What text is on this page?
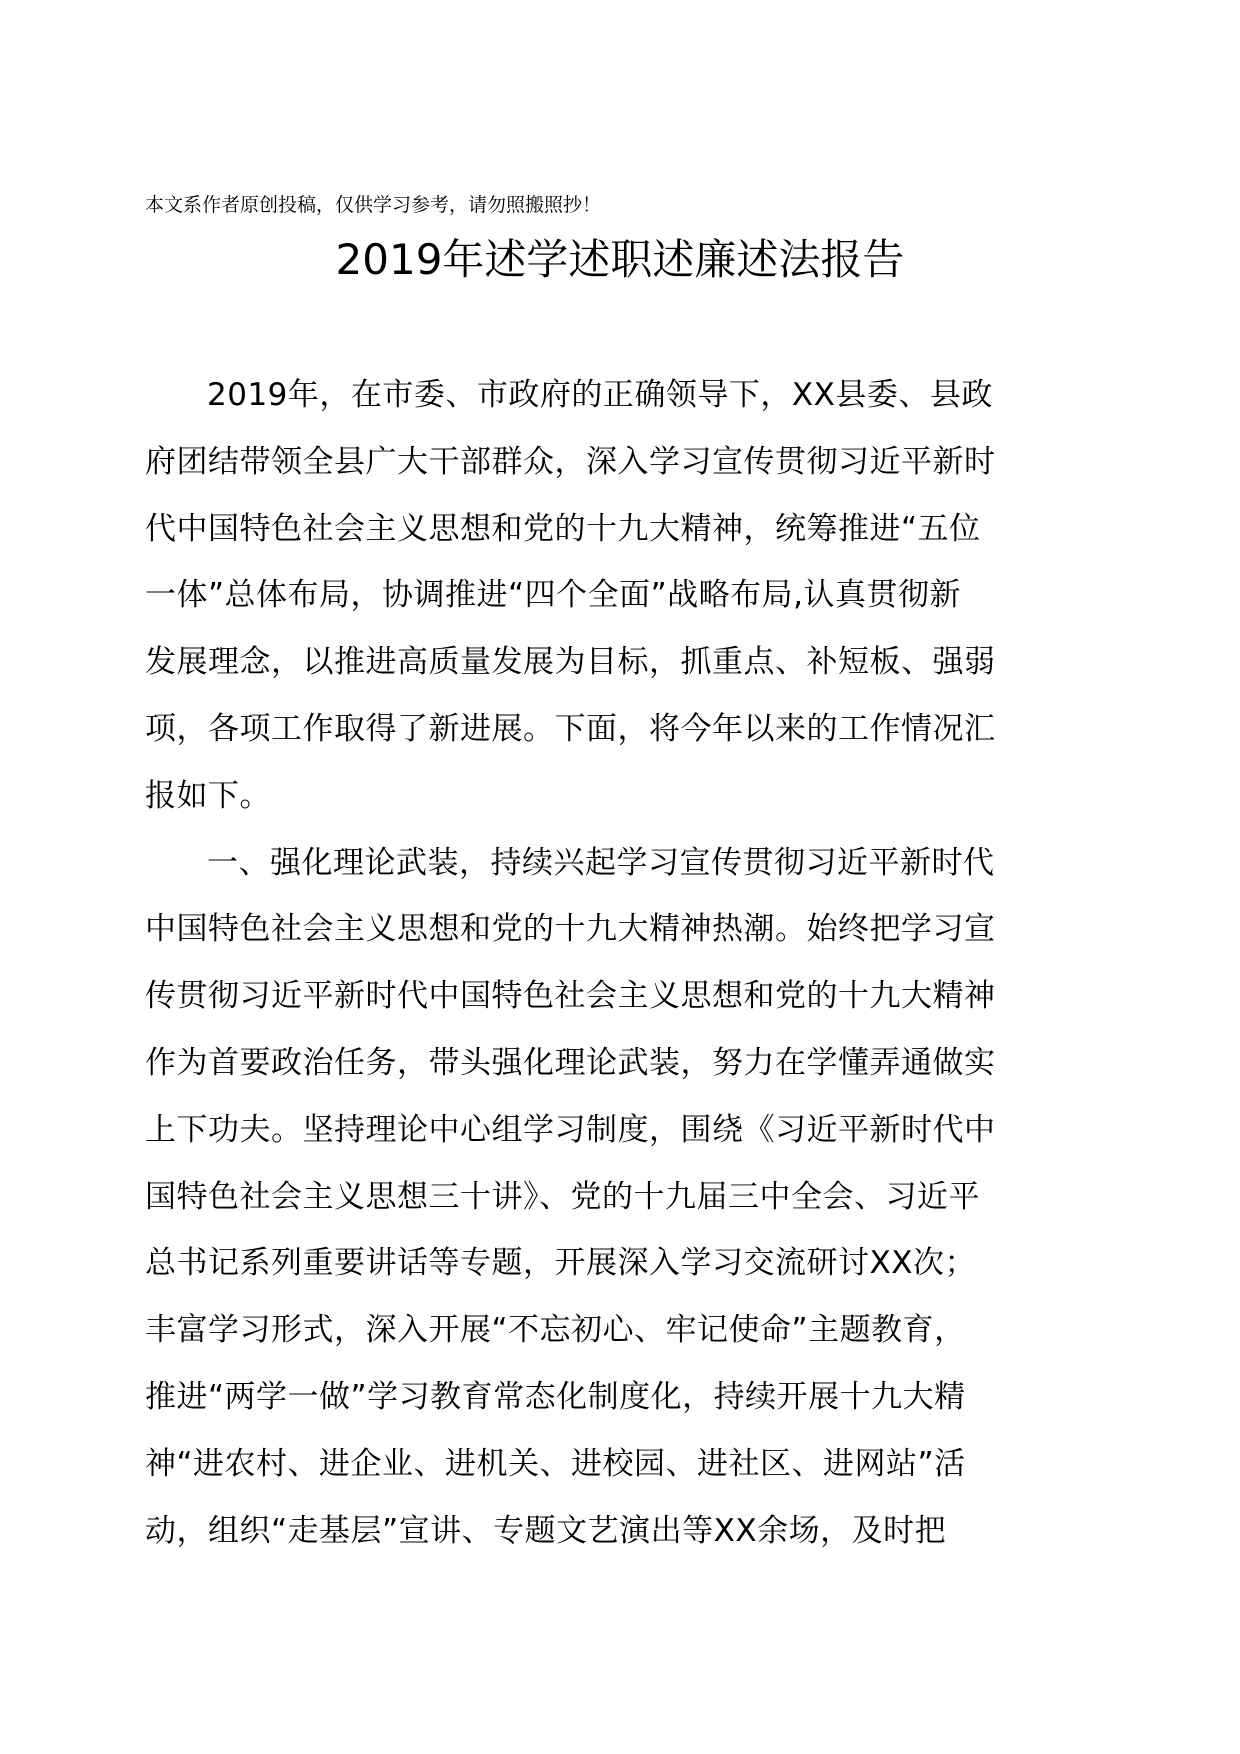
本文系作者原创投稿，仅供学习参考，请勿照搬照抄！
2019年述学述职述廉述法报告
2019年，在市委、市政府的正确领导下，XX县委、县政
府团结带领全县广大干部群众，深入学习宣传贯彻习近平新时
代中国特色社会主义思想和党的十九大精神，统筹推进“五位
一体”总体布局，协调推进“四个全面”战略布局,认真贯彻新
发展理念，以推进高质量发展为目标，抓重点、补短板、强弱
项，各项工作取得了新进展。下面，将今年以来的工作情况汇
报如下。
一、强化理论武装，持续兴起学习宣传贯彻习近平新时代
中国特色社会主义思想和党的十九大精神热潮。始终把学习宣
传贯彻习近平新时代中国特色社会主义思想和党的十九大精神
作为首要政治任务，带头强化理论武装，努力在学懂弄通做实
上下功夫。坚持理论中心组学习制度，围绕《习近平新时代中
国特色社会主义思想三十讲》、党的十九届三中全会、习近平
总书记系列重要讲话等专题，开展深入学习交流研讨XX次；
丰富学习形式，深入开展“不忘初心、牢记使命”主题教育，
推进“两学一做”学习教育常态化制度化，持续开展十九大精
神“进农村、进企业、进机关、进校园、进社区、进网站”活
动，组织“走基层”宣讲、专题文艺演出等XX余场，及时把
